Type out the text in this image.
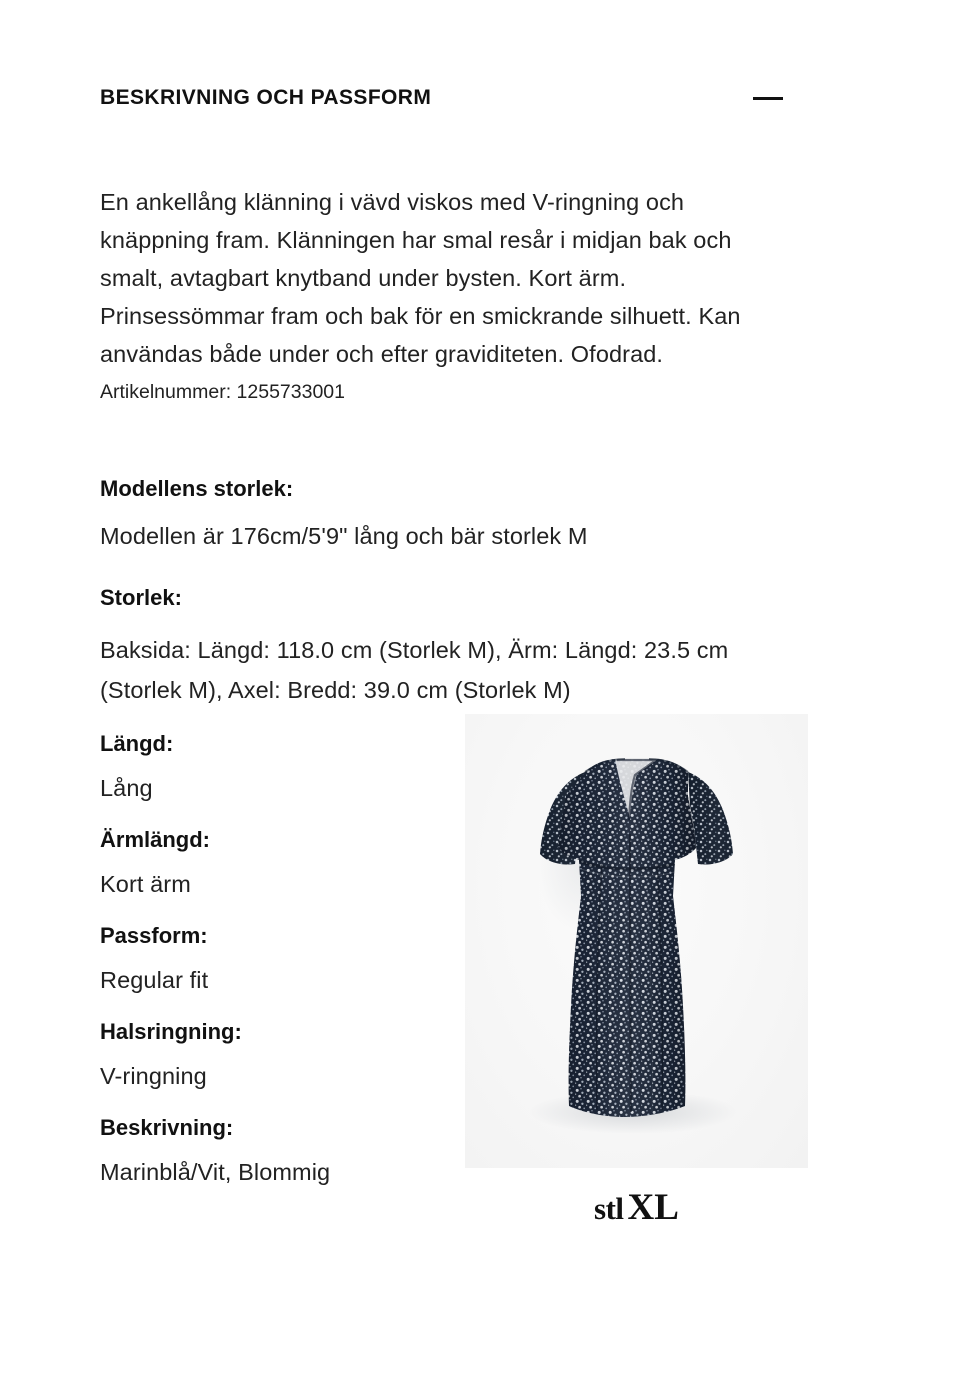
BESKRIVNING OCH PASSFORM

En ankellång klänning i vävd viskos med V-ringning och knäppning fram. Klänningen har smal resår i midjan bak och smalt, avtagbart knytband under bysten. Kort ärm. Prinsessömmar fram och bak för en smickrande silhuett. Kan användas både under och efter graviditeten. Ofodrad.

Artikelnummer: 1255733001
Modellens storlek:
Modellen är 176cm/5'9" lång och bär storlek M
Storlek:
Baksida: Längd: 118.0 cm (Storlek M), Ärm: Längd: 23.5 cm (Storlek M), Axel: Bredd: 39.0 cm (Storlek M)
Längd:
Lång
Ärmlängd:
Kort ärm
Passform:
Regular fit
Halsringning:
V-ringning
Beskrivning:
Marinblå/Vit, Blommig
stl XL
